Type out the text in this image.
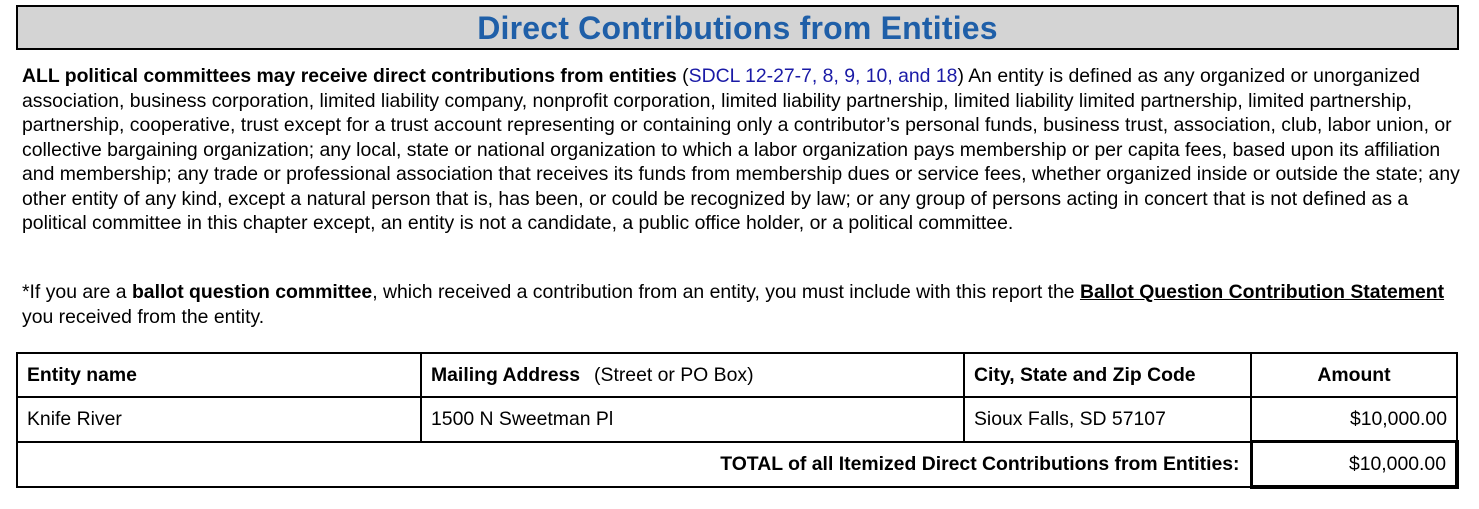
Direct Contributions from Entities

ALL political committees may receive direct contributions from entities (SDCL 12-27-7, 8, 9, 10, and 18) An entity is defined as any organized or unorganized association, business corporation, limited liability company, nonprofit corporation, limited liability partnership, limited liability limited partnership, limited partnership, partnership, cooperative, trust except for a trust account representing or containing only a contributor’s personal funds, business trust, association, club, labor union, or collective bargaining organization; any local, state or national organization to which a labor organization pays membership or per capita fees, based upon its affiliation and membership; any trade or professional association that receives its funds from membership dues or service fees, whether organized inside or outside the state; any other entity of any kind, except a natural person that is, has been, or could be recognized by law; or any group of persons acting in concert that is not defined as a political committee in this chapter except, an entity is not a candidate, a public office holder, or a political committee.

*If you are a ballot question committee, which received a contribution from an entity, you must include with this report the Ballot Question Contribution Statement you received from the entity.

Entity name	Mailing Address (Street or PO Box)	City, State and Zip Code	Amount
Knife River	1500 N Sweetman Pl	Sioux Falls, SD 57107	$10,000.00
TOTAL of all Itemized Direct Contributions from Entities:			$10,000.00
